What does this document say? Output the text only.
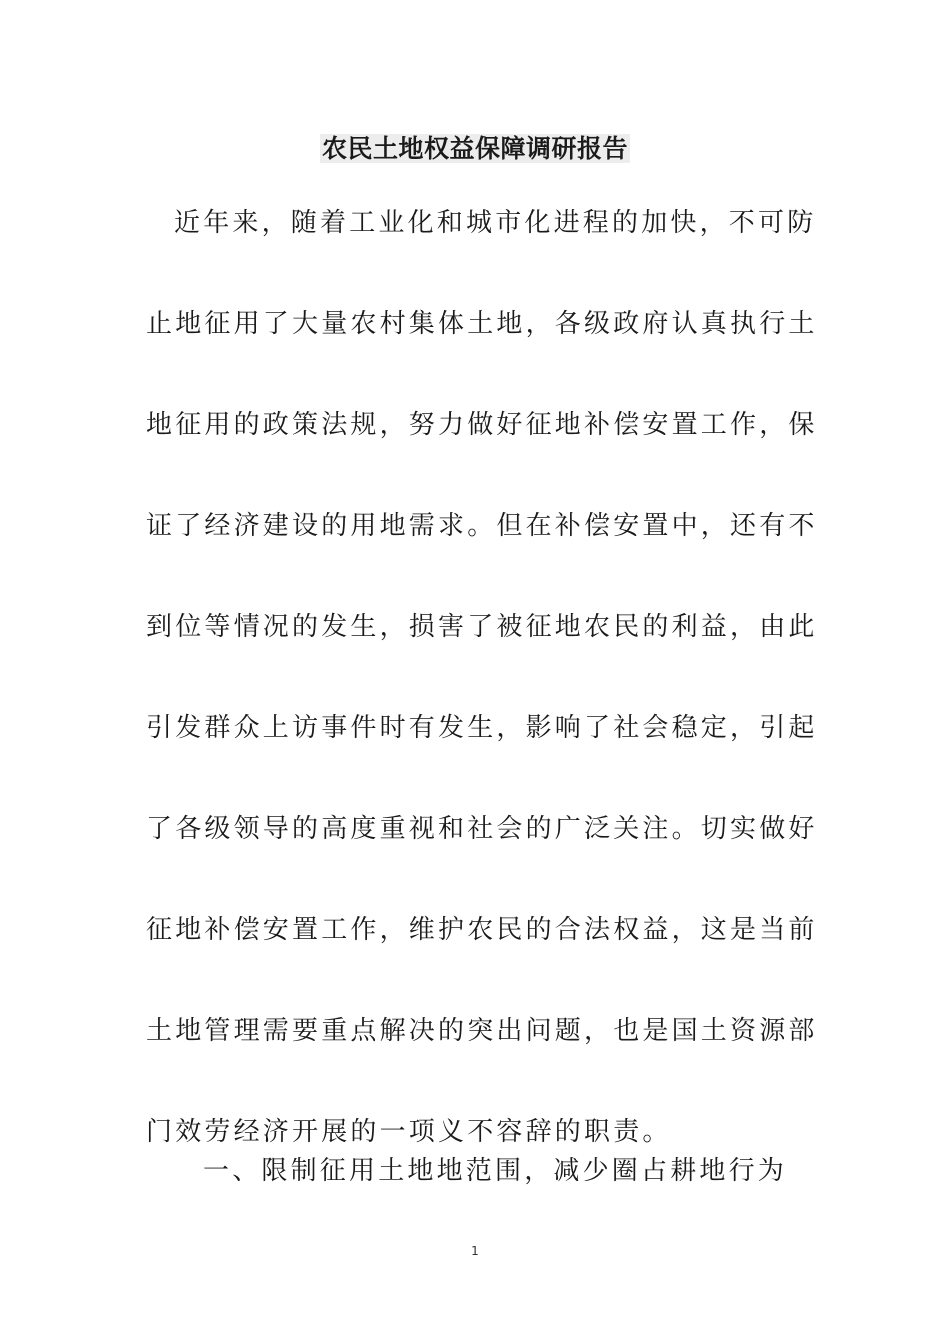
农民土地权益保障调研报告
近年来，随着工业化和城市化进程的加快，不可防
止地征用了大量农村集体土地，各级政府认真执行土
地征用的政策法规，努力做好征地补偿安置工作，保
证了经济建设的用地需求。但在补偿安置中，还有不
到位等情况的发生，损害了被征地农民的利益，由此
引发群众上访事件时有发生，影响了社会稳定，引起
了各级领导的高度重视和社会的广泛关注。切实做好
征地补偿安置工作，维护农民的合法权益，这是当前
土地管理需要重点解决的突出问题，也是国土资源部
门效劳经济开展的一项义不容辞的职责。
一、限制征用土地地范围，减少圈占耕地行为
1
